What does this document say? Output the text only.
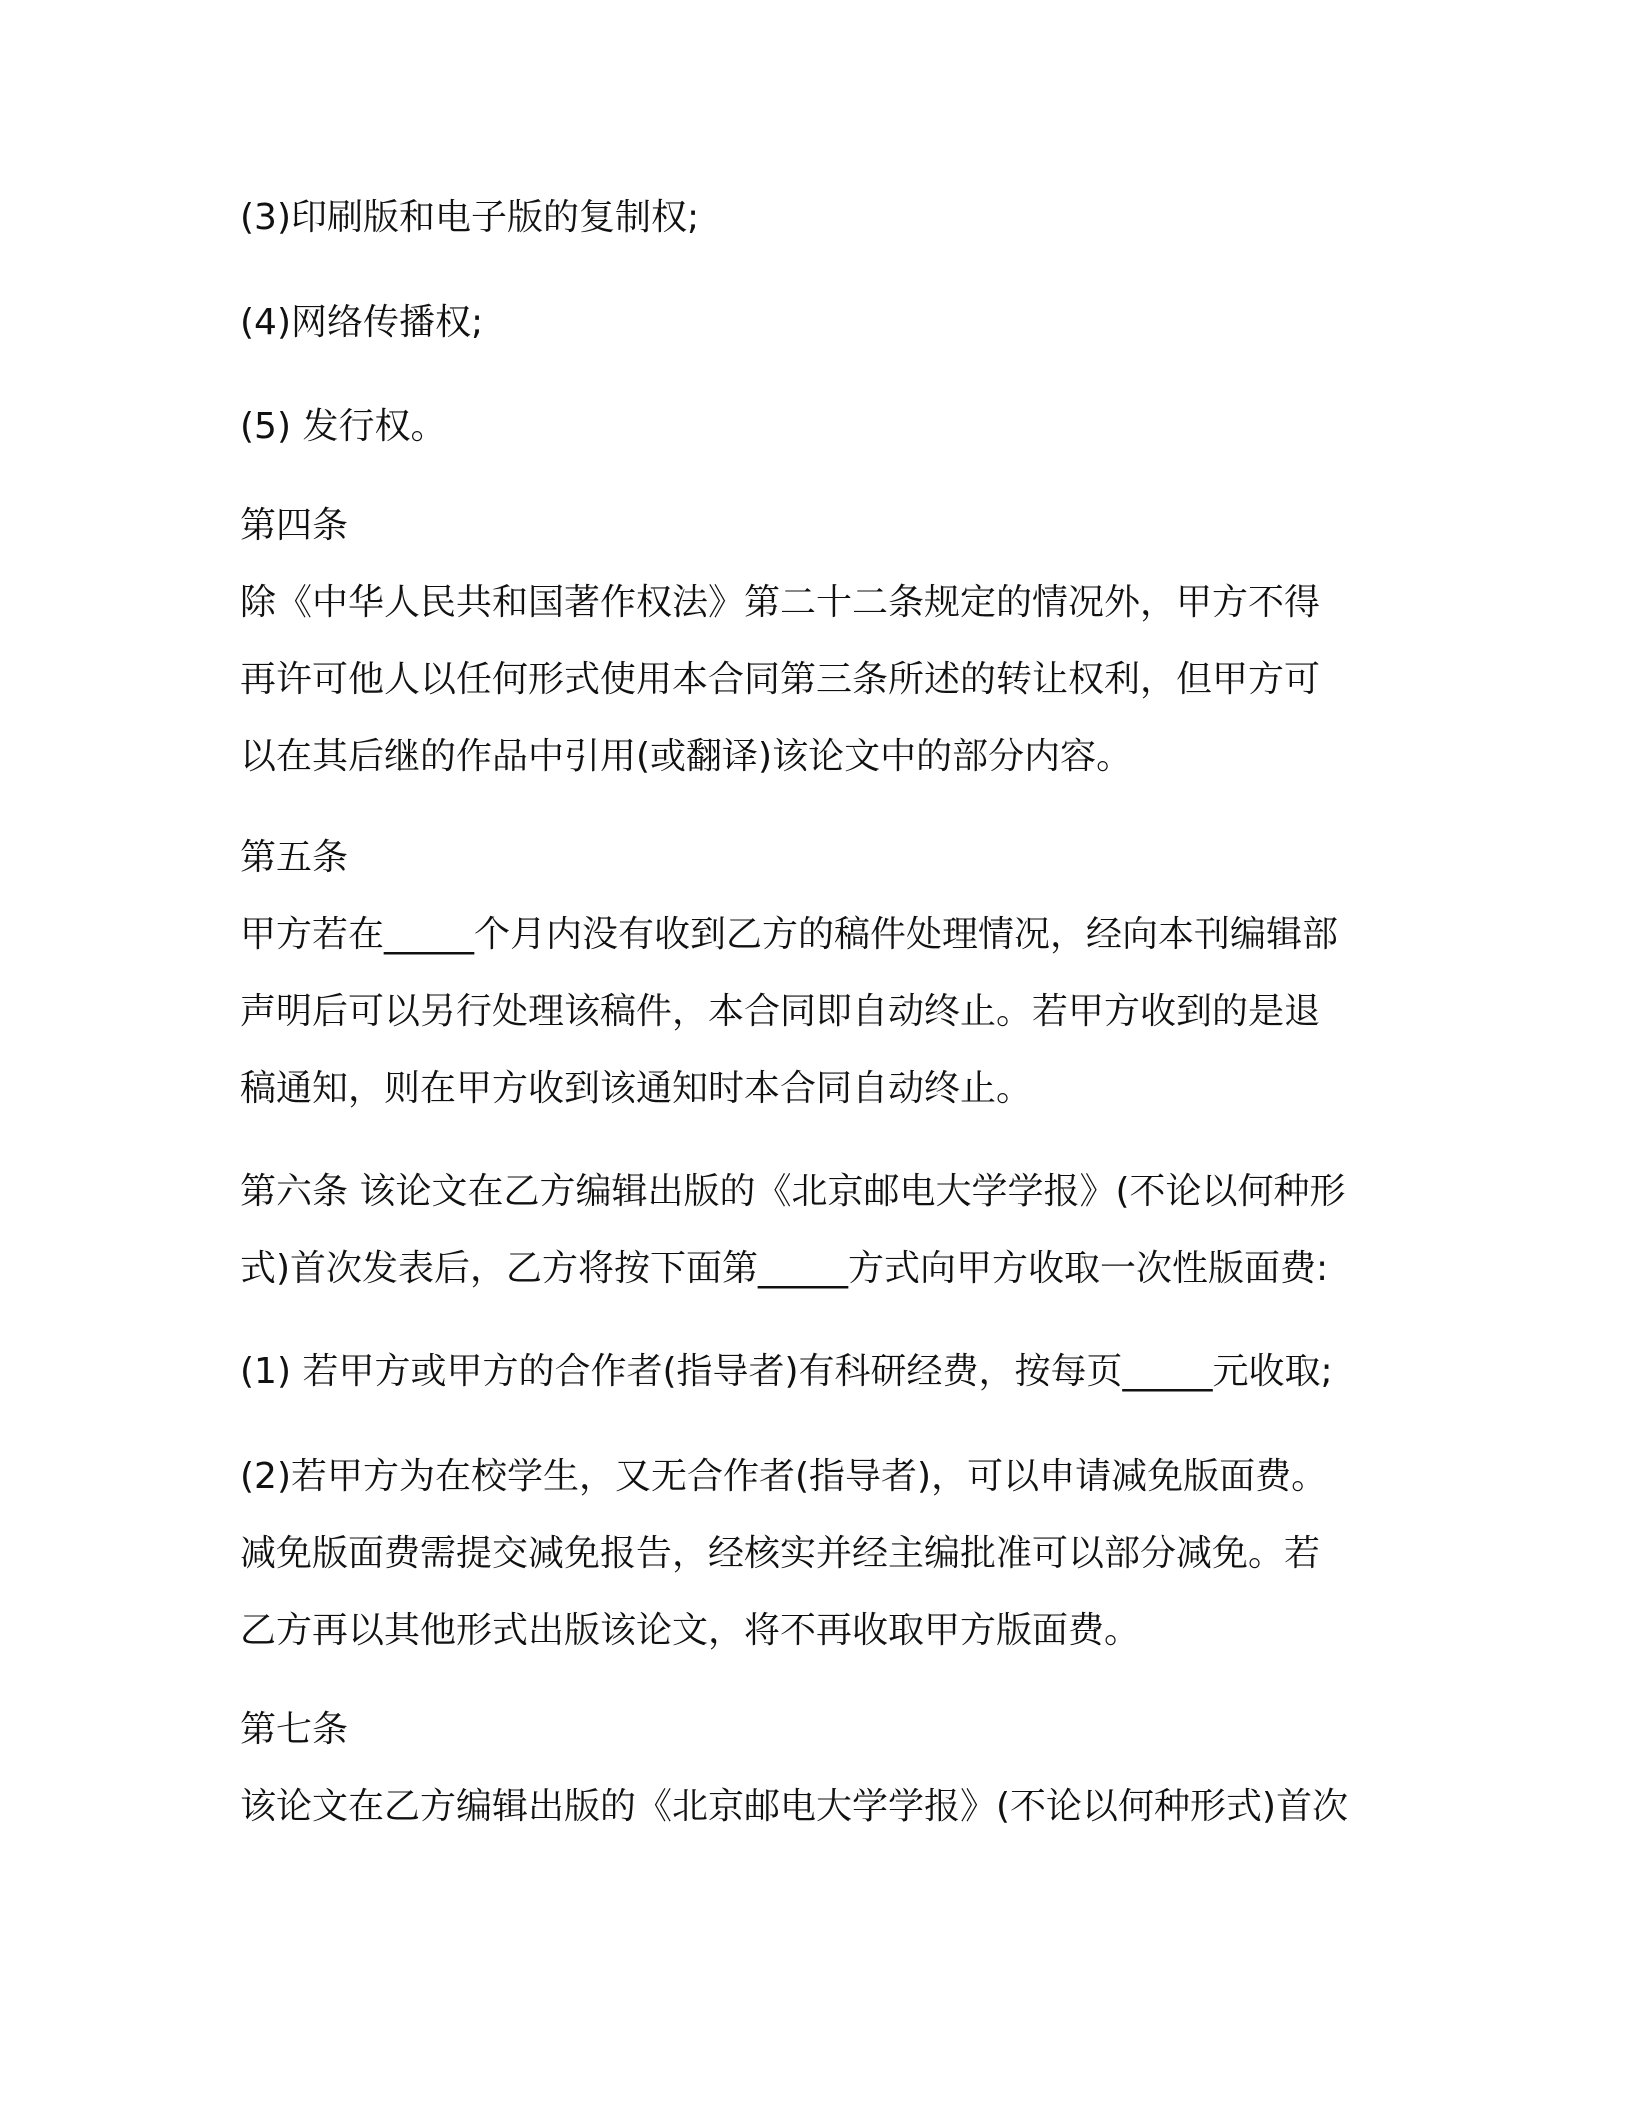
(3)印刷版和电子版的复制权;

(4)网络传播权;

(5) 发行权。

第四条

除《中华人民共和国著作权法》第二十二条规定的情况外，甲方不得

再许可他人以任何形式使用本合同第三条所述的转让权利，但甲方可

以在其后继的作品中引用(或翻译)该论文中的部分内容。

第五条

甲方若在_____个月内没有收到乙方的稿件处理情况，经向本刊编辑部

声明后可以另行处理该稿件，本合同即自动终止。若甲方收到的是退

稿通知，则在甲方收到该通知时本合同自动终止。

第六条 该论文在乙方编辑出版的《北京邮电大学学报》(不论以何种形

式)首次发表后，乙方将按下面第_____方式向甲方收取一次性版面费:

(1) 若甲方或甲方的合作者(指导者)有科研经费，按每页_____元收取;

(2)若甲方为在校学生，又无合作者(指导者)，可以申请减免版面费。

减免版面费需提交减免报告，经核实并经主编批准可以部分减免。若

乙方再以其他形式出版该论文，将不再收取甲方版面费。

第七条

该论文在乙方编辑出版的《北京邮电大学学报》(不论以何种形式)首次
